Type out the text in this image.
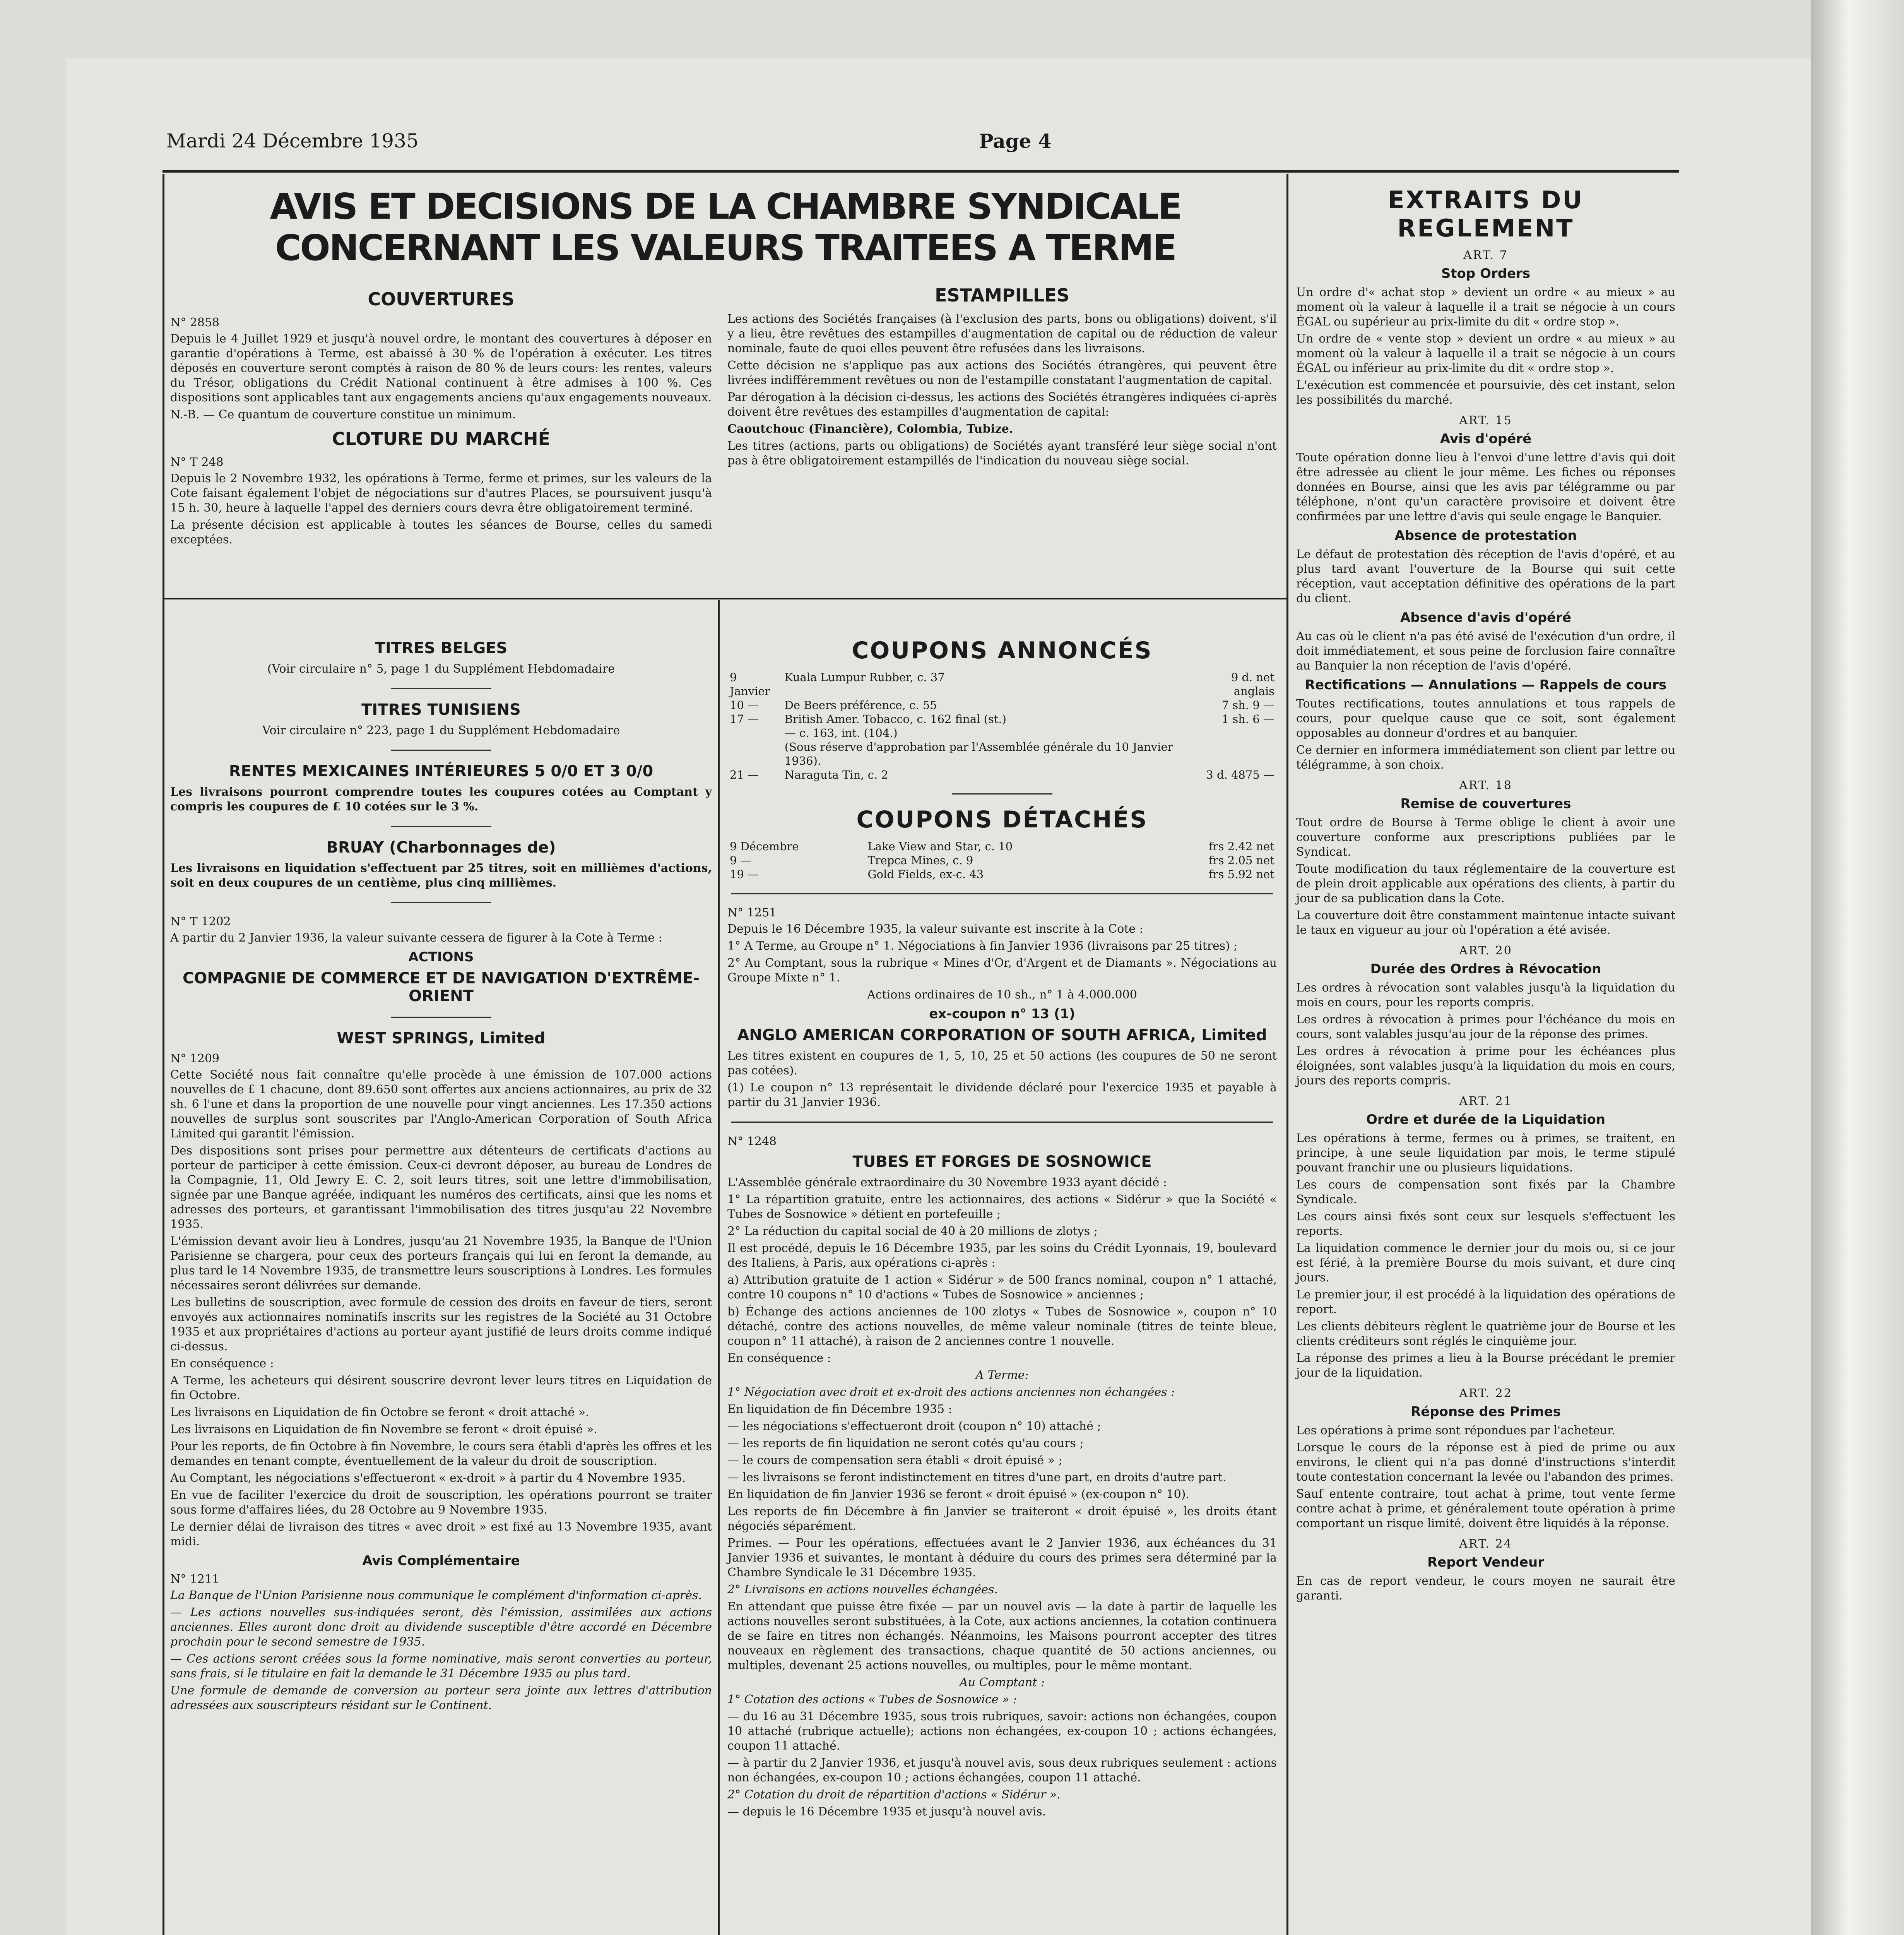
Mardi 24 Décembre 1935	Page 4
AVIS ET DECISIONS DE LA CHAMBRE SYNDICALE CONCERNANT LES VALEURS TRAITEES A TERME
COUVERTURES
N° 2858

Depuis le 4 Juillet 1929 et jusqu'à nouvel ordre, le montant des couvertures à déposer en garantie d'opérations à Terme, est abaissé à 30 % de l'opération à exécuter. Les titres déposés en couverture seront comptés à raison de 80 % de leurs cours: les rentes, valeurs du Trésor, obligations du Crédit National continuent à être admises à 100 %. Ces dispositions sont applicables tant aux engagements anciens qu'aux engagements nouveaux.

N.-B. — Ce quantum de couverture constitue un minimum.

CLOTURE DU MARCHÉ
N° T 248

Depuis le 2 Novembre 1932, les opérations à Terme, ferme et primes, sur les valeurs de la Cote faisant également l'objet de négociations sur d'autres Places, se poursuivent jusqu'à 15 h. 30, heure à laquelle l'appel des derniers cours devra être obligatoirement terminé.

La présente décision est applicable à toutes les séances de Bourse, celles du samedi exceptées.

ESTAMPILLES

Les actions des Sociétés françaises (à l'exclusion des parts, bons ou obligations) doivent, s'il y a lieu, être revêtues des estampilles d'augmentation de capital ou de réduction de valeur nominale, faute de quoi elles peuvent être refusées dans les livraisons.

Cette décision ne s'applique pas aux actions des Sociétés étrangères, qui peuvent être livrées indifféremment revêtues ou non de l'estampille constatant l'augmentation de capital.

Par dérogation à la décision ci-dessus, les actions des Sociétés étrangères indiquées ci-après doivent être revêtues des estampilles d'augmentation de capital:

Caoutchouc (Financière), Colombia, Tubize.

Les titres (actions, parts ou obligations) de Sociétés ayant transféré leur siège social n'ont pas à être obligatoirement estampillés de l'indication du nouveau siège social.

TITRES BELGES
(Voir circulaire n° 5, page 1 du Supplément Hebdomadaire
TITRES TUNISIENS
Voir circulaire n° 223, page 1 du Supplément Hebdomadaire
RENTES MEXICAINES INTÉRIEURES 5 0/0 ET 3 0/0

Les livraisons pourront comprendre toutes les coupures cotées au Comptant y compris les coupures de £ 10 cotées sur le 3 %.

BRUAY (Charbonnages de)

Les livraisons en liquidation s'effectuent par 25 titres, soit en millièmes d'actions, soit en deux coupures de un centième, plus cinq millièmes.

N° T 1202

A partir du 2 Janvier 1936, la valeur suivante cessera de figurer à la Cote à Terme :

ACTIONS
COMPAGNIE DE COMMERCE ET DE NAVIGATION D'EXTRÊME-ORIENT
WEST SPRINGS, Limited
N° 1209

Cette Société nous fait connaître qu'elle procède à une émission de 107.000 actions nouvelles de £ 1 chacune, dont 89.650 sont offertes aux anciens actionnaires, au prix de 32 sh. 6 l'une et dans la proportion de une nouvelle pour vingt anciennes. Les 17.350 actions nouvelles de surplus sont souscrites par l'Anglo-American Corporation of South Africa Limited qui garantit l'émission.

Des dispositions sont prises pour permettre aux détenteurs de certificats d'actions au porteur de participer à cette émission. Ceux-ci devront déposer, au bureau de Londres de la Compagnie, 11, Old Jewry E. C. 2, soit leurs titres, soit une lettre d'immobilisation, signée par une Banque agréée, indiquant les numéros des certificats, ainsi que les noms et adresses des porteurs, et garantissant l'immobilisation des titres jusqu'au 22 Novembre 1935.

L'émission devant avoir lieu à Londres, jusqu'au 21 Novembre 1935, la Banque de l'Union Parisienne se chargera, pour ceux des porteurs français qui lui en feront la demande, au plus tard le 14 Novembre 1935, de transmettre leurs souscriptions à Londres. Les formules nécessaires seront délivrées sur demande.

Les bulletins de souscription, avec formule de cession des droits en faveur de tiers, seront envoyés aux actionnaires nominatifs inscrits sur les registres de la Société au 31 Octobre 1935 et aux propriétaires d'actions au porteur ayant justifié de leurs droits comme indiqué ci-dessus.

En conséquence :

A Terme, les acheteurs qui désirent souscrire devront lever leurs titres en Liquidation de fin Octobre.

Les livraisons en Liquidation de fin Octobre se feront « droit attaché ».

Les livraisons en Liquidation de fin Novembre se feront « droit épuisé ».

Pour les reports, de fin Octobre à fin Novembre, le cours sera établi d'après les offres et les demandes en tenant compte, éventuellement de la valeur du droit de souscription.

Au Comptant, les négociations s'effectueront « ex-droit » à partir du 4 Novembre 1935.

En vue de faciliter l'exercice du droit de souscription, les opérations pourront se traiter sous forme d'affaires liées, du 28 Octobre au 9 Novembre 1935.

Le dernier délai de livraison des titres « avec droit » est fixé au 13 Novembre 1935, avant midi.

Avis Complémentaire
N° 1211

La Banque de l'Union Parisienne nous communique le complément d'information ci-après.

— Les actions nouvelles sus-indiquées seront, dès l'émission, assimilées aux actions anciennes. Elles auront donc droit au dividende susceptible d'être accordé en Décembre prochain pour le second semestre de 1935.

— Ces actions seront créées sous la forme nominative, mais seront converties au porteur, sans frais, si le titulaire en fait la demande le 31 Décembre 1935 au plus tard.

Une formule de demande de conversion au porteur sera jointe aux lettres d'attribution adressées aux souscripteurs résidant sur le Continent.

COUPONS ANNONCÉS
9 Janvier	Kuala Lumpur Rubber, c. 37	9 d. net anglais
10 —	De Beers préférence, c. 55	7 sh. 9 —
17 —	British Amer. Tobacco, c. 162 final (st.)	1 sh. 6 —
	— c. 163, int. (104.)	
	(Sous réserve d'approbation par l'Assemblée générale du 10 Janvier 1936).	
21 —	Naraguta Tin, c. 2	3 d. 4875 —
COUPONS DÉTACHÉS
9 Décembre	Lake View and Star, c. 10	frs 2.42 net
9 —	Trepca Mines, c. 9	frs 2.05 net
19 —	Gold Fields, ex-c. 43	frs 5.92 net
N° 1251

Depuis le 16 Décembre 1935, la valeur suivante est inscrite à la Cote :

1° A Terme, au Groupe n° 1. Négociations à fin Janvier 1936 (livraisons par 25 titres) ;

2° Au Comptant, sous la rubrique « Mines d'Or, d'Argent et de Diamants ». Négociations au Groupe Mixte n° 1.

Actions ordinaires de 10 sh., n° 1 à 4.000.000

ex-coupon n° 13 (1)
ANGLO AMERICAN CORPORATION OF SOUTH AFRICA, Limited

Les titres existent en coupures de 1, 5, 10, 25 et 50 actions (les coupures de 50 ne seront pas cotées).

(1) Le coupon n° 13 représentait le dividende déclaré pour l'exercice 1935 et payable à partir du 31 Janvier 1936.

N° 1248
TUBES ET FORGES DE SOSNOWICE

L'Assemblée générale extraordinaire du 30 Novembre 1933 ayant décidé :

1° La répartition gratuite, entre les actionnaires, des actions « Sidérur » que la Société « Tubes de Sosnowice » détient en portefeuille ;

2° La réduction du capital social de 40 à 20 millions de zlotys ;

Il est procédé, depuis le 16 Décembre 1935, par les soins du Crédit Lyonnais, 19, boulevard des Italiens, à Paris, aux opérations ci-après :

a) Attribution gratuite de 1 action « Sidérur » de 500 francs nominal, coupon n° 1 attaché, contre 10 coupons n° 10 d'actions « Tubes de Sosnowice » anciennes ;

b) Échange des actions anciennes de 100 zlotys « Tubes de Sosnowice », coupon n° 10 détaché, contre des actions nouvelles, de même valeur nominale (titres de teinte bleue, coupon n° 11 attaché), à raison de 2 anciennes contre 1 nouvelle.

En conséquence :

A Terme:

1° Négociation avec droit et ex-droit des actions anciennes non échangées :

En liquidation de fin Décembre 1935 :

— les négociations s'effectueront droit (coupon n° 10) attaché ;

— les reports de fin liquidation ne seront cotés qu'au cours ;

— le cours de compensation sera établi « droit épuisé » ;

— les livraisons se feront indistinctement en titres d'une part, en droits d'autre part.

En liquidation de fin Janvier 1936 se feront « droit épuisé » (ex-coupon n° 10).

Les reports de fin Décembre à fin Janvier se traiteront « droit épuisé », les droits étant négociés séparément.

Primes. — Pour les opérations, effectuées avant le 2 Janvier 1936, aux échéances du 31 Janvier 1936 et suivantes, le montant à déduire du cours des primes sera déterminé par la Chambre Syndicale le 31 Décembre 1935.

2° Livraisons en actions nouvelles échangées.

En attendant que puisse être fixée — par un nouvel avis — la date à partir de laquelle les actions nouvelles seront substituées, à la Cote, aux actions anciennes, la cotation continuera de se faire en titres non échangés. Néanmoins, les Maisons pourront accepter des titres nouveaux en règlement des transactions, chaque quantité de 50 actions anciennes, ou multiples, devenant 25 actions nouvelles, ou multiples, pour le même montant.

Au Comptant :

1° Cotation des actions « Tubes de Sosnowice » :

— du 16 au 31 Décembre 1935, sous trois rubriques, savoir: actions non échangées, coupon 10 attaché (rubrique actuelle); actions non échangées, ex-coupon 10 ; actions échangées, coupon 11 attaché.

— à partir du 2 Janvier 1936, et jusqu'à nouvel avis, sous deux rubriques seulement : actions non échangées, ex-coupon 10 ; actions échangées, coupon 11 attaché.

2° Cotation du droit de répartition d'actions « Sidérur ».

— depuis le 16 Décembre 1935 et jusqu'à nouvel avis.

EXTRAITS DU REGLEMENT
ART. 7
Stop Orders

Un ordre d'« achat stop » devient un ordre « au mieux » au moment où la valeur à laquelle il a trait se négocie à un cours ÉGAL ou supérieur au prix-limite du dit « ordre stop ».

Un ordre de « vente stop » devient un ordre « au mieux » au moment où la valeur à laquelle il a trait se négocie à un cours ÉGAL ou inférieur au prix-limite du dit « ordre stop ».

L'exécution est commencée et poursuivie, dès cet instant, selon les possibilités du marché.

ART. 15
Avis d'opéré

Toute opération donne lieu à l'envoi d'une lettre d'avis qui doit être adressée au client le jour même. Les fiches ou réponses données en Bourse, ainsi que les avis par télégramme ou par téléphone, n'ont qu'un caractère provisoire et doivent être confirmées par une lettre d'avis qui seule engage le Banquier.

Absence de protestation

Le défaut de protestation dès réception de l'avis d'opéré, et au plus tard avant l'ouverture de la Bourse qui suit cette réception, vaut acceptation définitive des opérations de la part du client.

Absence d'avis d'opéré

Au cas où le client n'a pas été avisé de l'exécution d'un ordre, il doit immédiatement, et sous peine de forclusion faire connaître au Banquier la non réception de l'avis d'opéré.

Rectifications — Annulations — Rappels de cours

Toutes rectifications, toutes annulations et tous rappels de cours, pour quelque cause que ce soit, sont également opposables au donneur d'ordres et au banquier.

Ce dernier en informera immédiatement son client par lettre ou télégramme, à son choix.

ART. 18
Remise de couvertures

Tout ordre de Bourse à Terme oblige le client à avoir une couverture conforme aux prescriptions publiées par le Syndicat.

Toute modification du taux réglementaire de la couverture est de plein droit applicable aux opérations des clients, à partir du jour de sa publication dans la Cote.

La couverture doit être constamment maintenue intacte suivant le taux en vigueur au jour où l'opération a été avisée.

ART. 20
Durée des Ordres à Révocation

Les ordres à révocation sont valables jusqu'à la liquidation du mois en cours, pour les reports compris.

Les ordres à révocation à primes pour l'échéance du mois en cours, sont valables jusqu'au jour de la réponse des primes.

Les ordres à révocation à prime pour les échéances plus éloignées, sont valables jusqu'à la liquidation du mois en cours, jours des reports compris.

ART. 21
Ordre et durée de la Liquidation

Les opérations à terme, fermes ou à primes, se traitent, en principe, à une seule liquidation par mois, le terme stipulé pouvant franchir une ou plusieurs liquidations.

Les cours de compensation sont fixés par la Chambre Syndicale.

Les cours ainsi fixés sont ceux sur lesquels s'effectuent les reports.

La liquidation commence le dernier jour du mois ou, si ce jour est férié, à la première Bourse du mois suivant, et dure cinq jours.

Le premier jour, il est procédé à la liquidation des opérations de report.

Les clients débiteurs règlent le quatrième jour de Bourse et les clients créditeurs sont réglés le cinquième jour.

La réponse des primes a lieu à la Bourse précédant le premier jour de la liquidation.

ART. 22
Réponse des Primes

Les opérations à prime sont répondues par l'acheteur.

Lorsque le cours de la réponse est à pied de prime ou aux environs, le client qui n'a pas donné d'instructions s'interdit toute contestation concernant la levée ou l'abandon des primes.

Sauf entente contraire, tout achat à prime, tout vente ferme contre achat à prime, et généralement toute opération à prime comportant un risque limité, doivent être liquidés à la réponse.

ART. 24
Report Vendeur

En cas de report vendeur, le cours moyen ne saurait être garanti.
